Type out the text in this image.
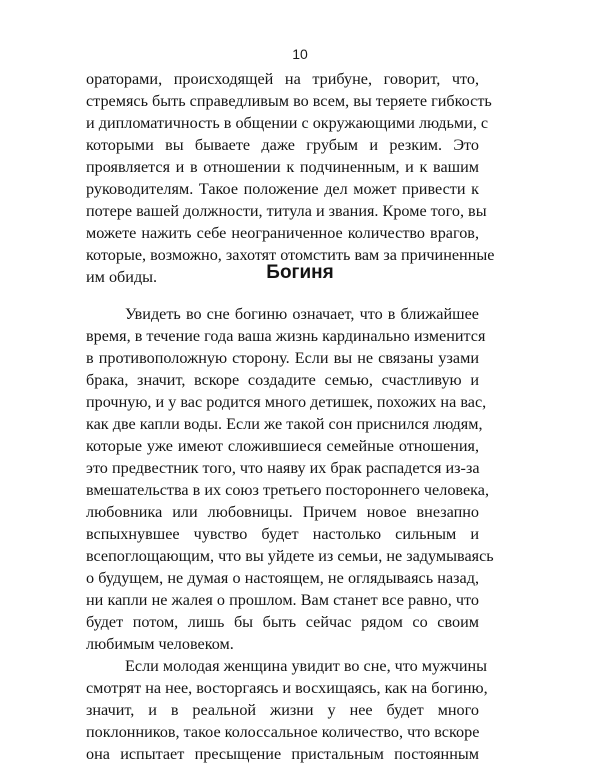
10
ораторами, происходящей на трибуне, говорит, что,
стремясь быть справедливым во всем, вы теряете гибкость
и дипломатичность в общении с окружающими людьми, с
которыми вы бываете даже грубым и резким. Это
проявляется и в отношении к подчиненным, и к вашим
руководителям. Такое положение дел может привести к
потере вашей должности, титула и звания. Кроме того, вы
можете нажить себе неограниченное количество врагов,
которые, возможно, захотят отомстить вам за причиненные
им обиды.	Богиня
Увидеть во сне богиню означает, что в ближайшее
время, в течение года ваша жизнь кардинально изменится
в противоположную сторону. Если вы не связаны узами
брака, значит, вскоре создадите семью, счастливую и
прочную, и у вас родится много детишек, похожих на вас,
как две капли воды. Если же такой сон приснился людям,
которые уже имеют сложившиеся семейные отношения,
это предвестник того, что наяву их брак распадется из-за
вмешательства в их союз третьего постороннего человека,
любовника или любовницы. Причем новое внезапно
вспыхнувшее чувство будет настолько сильным и
всепоглощающим, что вы уйдете из семьи, не задумываясь
о будущем, не думая о настоящем, не оглядываясь назад,
ни капли не жалея о прошлом. Вам станет все равно, что
будет потом, лишь бы быть сейчас рядом со своим
любимым человеком.
Если молодая женщина увидит во сне, что мужчины
смотрят на нее, восторгаясь и восхищаясь, как на богиню,
значит, и в реальной жизни у нее будет много
поклонников, такое колоссальное количество, что вскоре
она испытает пресыщение пристальным постоянным
